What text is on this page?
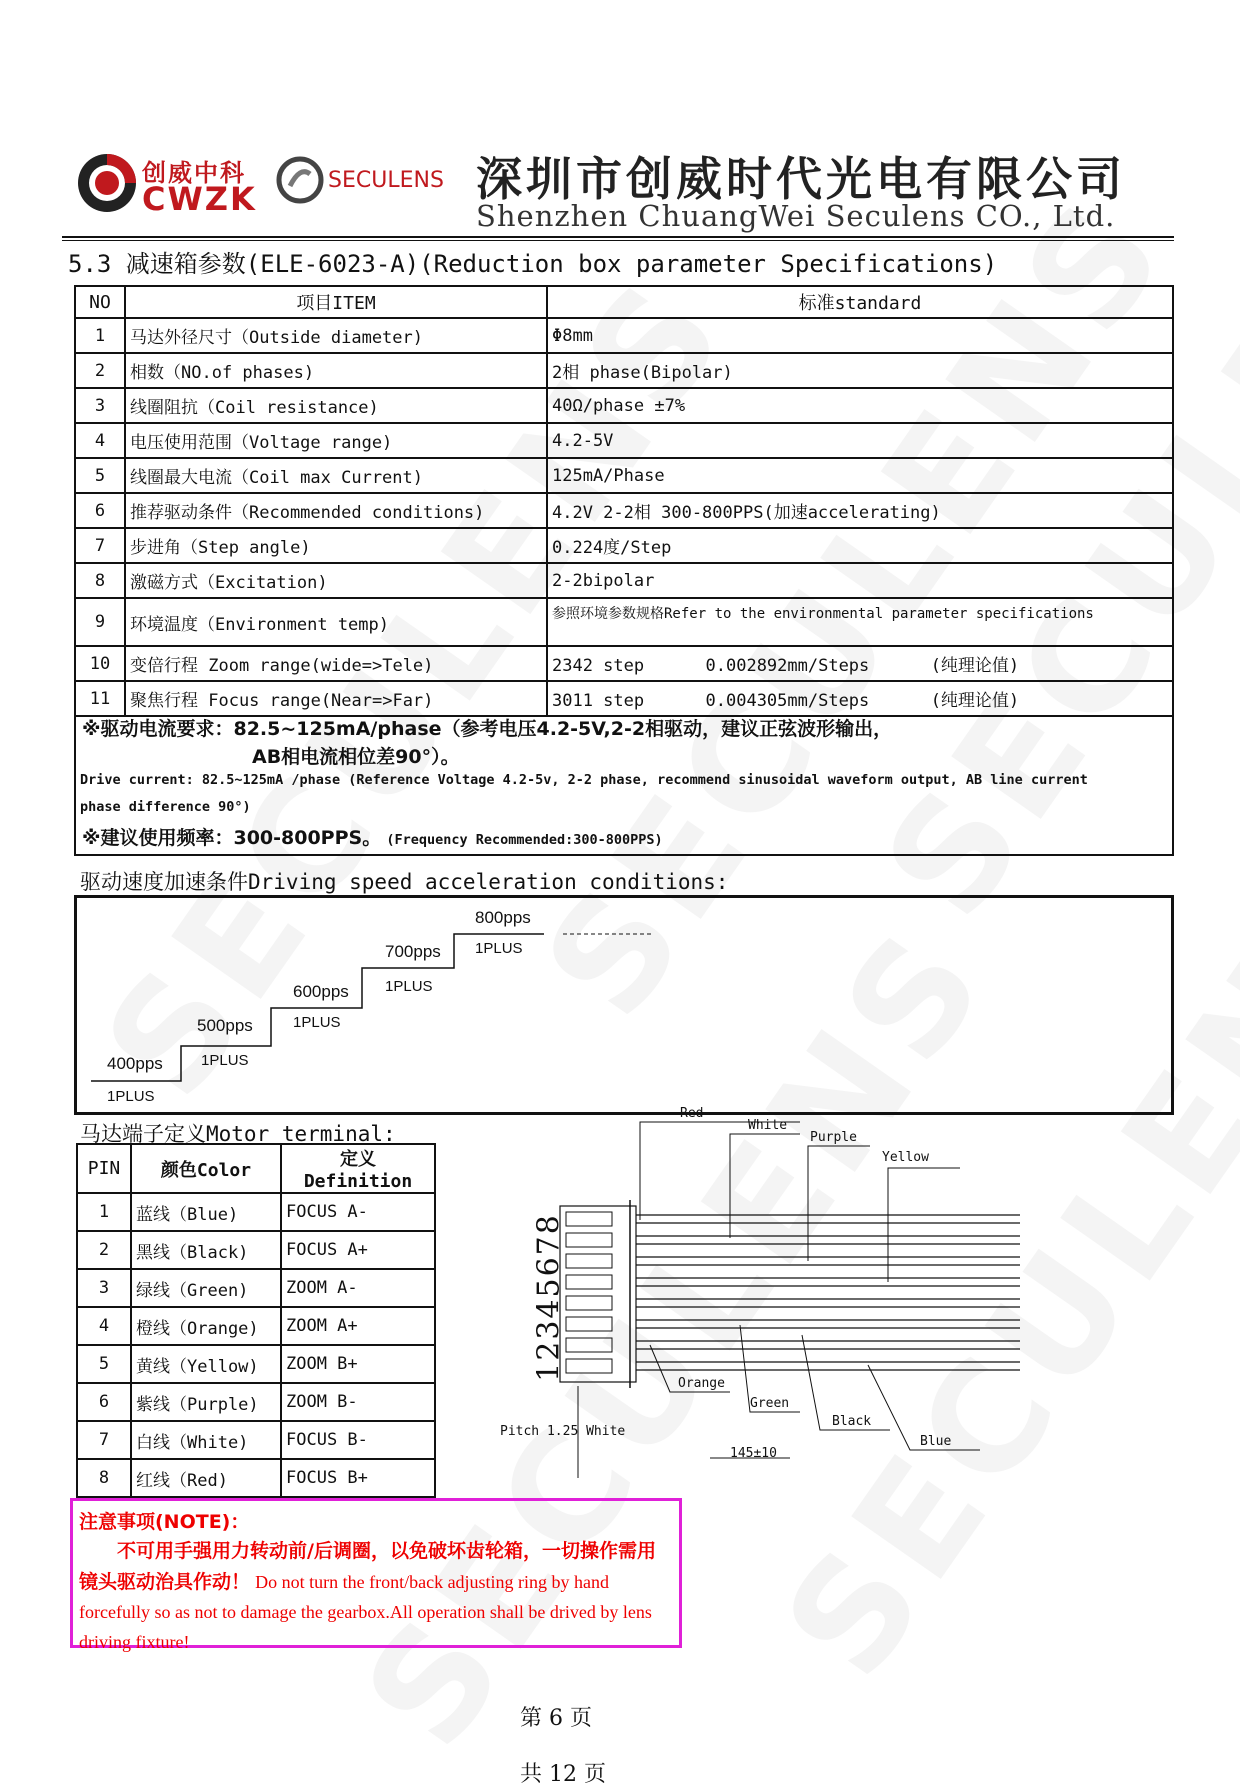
创威中科
CWZK	SECULENS 深圳市创威时代光电有限公司
Shenzhen ChuangWei Seculens CO., Ltd.
5.3 减速箱参数(ELE-6023-A)(Reduction box parameter Specifications)
NO	项目ITEM	标准standard
1	马达外径尺寸（Outside diameter)	Φ8mm
2	相数（NO.of phases)	2相 phase(Bipolar)
3	线圈阻抗（Coil resistance)	40Ω/phase ±7%
4	电压使用范围（Voltage range)	4.2-5V
5	线圈最大电流（Coil max Current)	125mA/Phase
6	推荐驱动条件（Recommended conditions)	4.2V 2-2相 300-800PPS(加速accelerating)
7	步进角（Step angle)	0.224度/Step
8	激磁方式（Excitation)	2-2bipolar
9	环境温度（Environment temp)	参照环境参数规格Refer to the environmental parameter specifications
10	变倍行程 Zoom range(wide=>Tele)	2342 step      0.002892mm/Steps      (纯理论值)
11	聚焦行程 Focus range(Near=>Far)	3011 step      0.004305mm/Steps      (纯理论值)
※驱动电流要求：82.5~125mA/phase（参考电压4.2-5V,2-2相驱动，建议正弦波形输出，
AB相电流相位差90°）。
Drive current: 82.5~125mA /phase (Reference Voltage 4.2-5v, 2-2 phase, recommend sinusoidal waveform output, AB line current
phase difference 90°)
※建议使用频率：300-800PPS。 (Frequency Recommended:300-800PPS)
驱动速度加速条件Driving speed acceleration conditions:
400pps
1PLUS
500pps
1PLUS
600pps
1PLUS
700pps
1PLUS
800pps
1PLUS
马达端子定义Motor terminal:
PIN	颜色Color	定义Definition
1	蓝线（Blue)	FOCUS A-
2	黑线（Black)	FOCUS A+
3	绿线（Green)	ZOOM A-
4	橙线（Orange)	ZOOM A+
5	黄线（Yellow)	ZOOM B+
6	紫线（Purple)	ZOOM B-
7	白线（White)	FOCUS B-
8	红线（Red)	FOCUS B+
12345678
Red
White
Purple
Yellow
Orange
Green
Black
Blue
Pitch 1.25 White
145±10
注意事项(NOTE)：
不可用手强用力转动前/后调圈，以免破坏齿轮箱，一切操作需用镜头驱动治具作动！ Do not turn the front/back adjusting ring by hand forcefully so as not to damage the gearbox.All operation shall be drived by lens driving fixture!

第 6 页

共 12 页
